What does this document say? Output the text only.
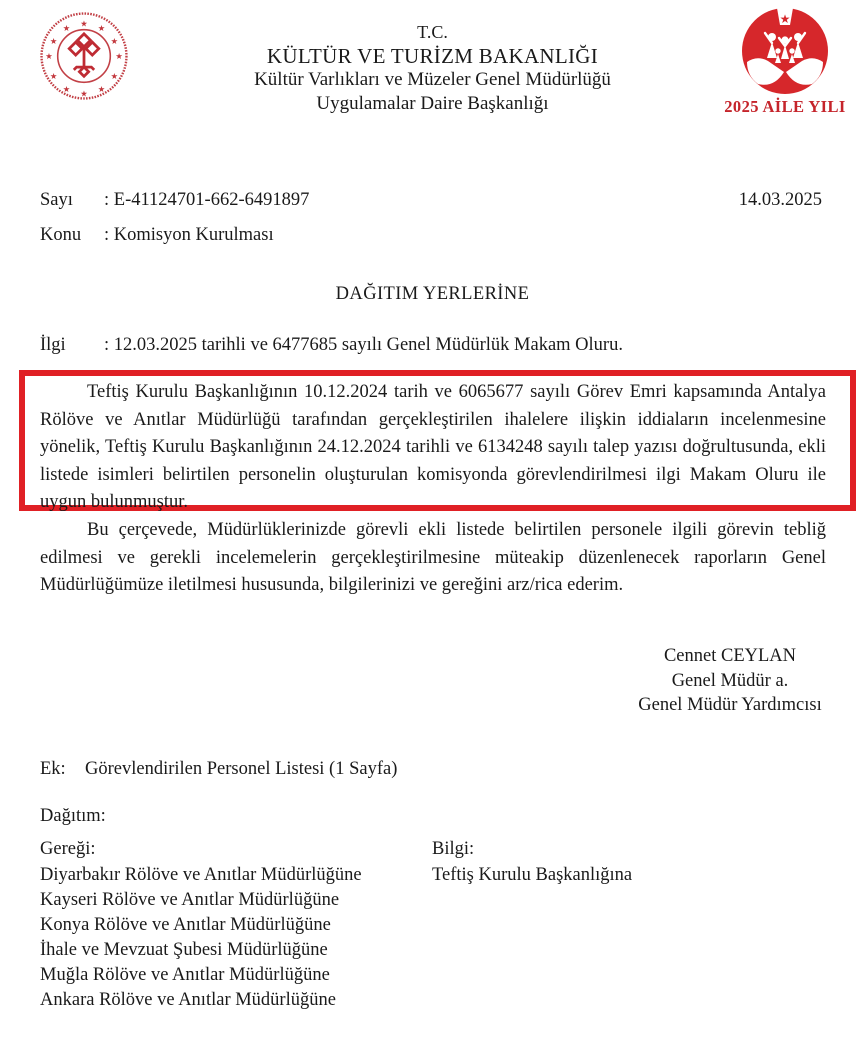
★
★
★
★
★
★
★
★
★ ★ ★
★
★
2025 AİLE YILI
T.C.
KÜLTÜR VE TURİZM BAKANLIĞI
Kültür Varlıkları ve Müzeler Genel Müdürlüğü
Uygulamalar Daire Başkanlığı
Sayı	: E-41124701-662-6491897	14.03.2025
Konu	: Komisyon Kurulması
DAĞITIM YERLERİNE
İlgi	: 12.03.2025 tarihli ve 6477685 sayılı Genel Müdürlük Makam Oluru.

Teftiş Kurulu Başkanlığının 10.12.2024 tarih ve 6065677 sayılı Görev Emri kapsamında Antalya Rölöve ve Anıtlar Müdürlüğü tarafından gerçekleştirilen ihalelere ilişkin iddiaların incelenmesine yönelik, Teftiş Kurulu Başkanlığının 24.12.2024 tarihli ve 6134248 sayılı talep yazısı doğrultusunda, ekli listede isimleri belirtilen personelin oluşturulan komisyonda görevlendirilmesi ilgi Makam Oluru ile uygun bulunmuştur.

Bu çerçevede, Müdürlüklerinizde görevli ekli listede belirtilen personele ilgili görevin tebliğ edilmesi ve gerekli incelemelerin gerçekleştirilmesine müteakip düzenlenecek raporların Genel Müdürlüğümüze iletilmesi hususunda, bilgilerinizi ve gereğini arz/rica ederim.

Cennet CEYLAN
Genel Müdür a.
Genel Müdür Yardımcısı
Ek:	Görevlendirilen Personel Listesi (1 Sayfa)
Dağıtım:
Gereği:
Diyarbakır Rölöve ve Anıtlar Müdürlüğüne
Kayseri Rölöve ve Anıtlar Müdürlüğüne
Konya Rölöve ve Anıtlar Müdürlüğüne
İhale ve Mevzuat Şubesi Müdürlüğüne
Muğla Rölöve ve Anıtlar Müdürlüğüne
Ankara Rölöve ve Anıtlar Müdürlüğüne
Bilgi:
Teftiş Kurulu Başkanlığına
